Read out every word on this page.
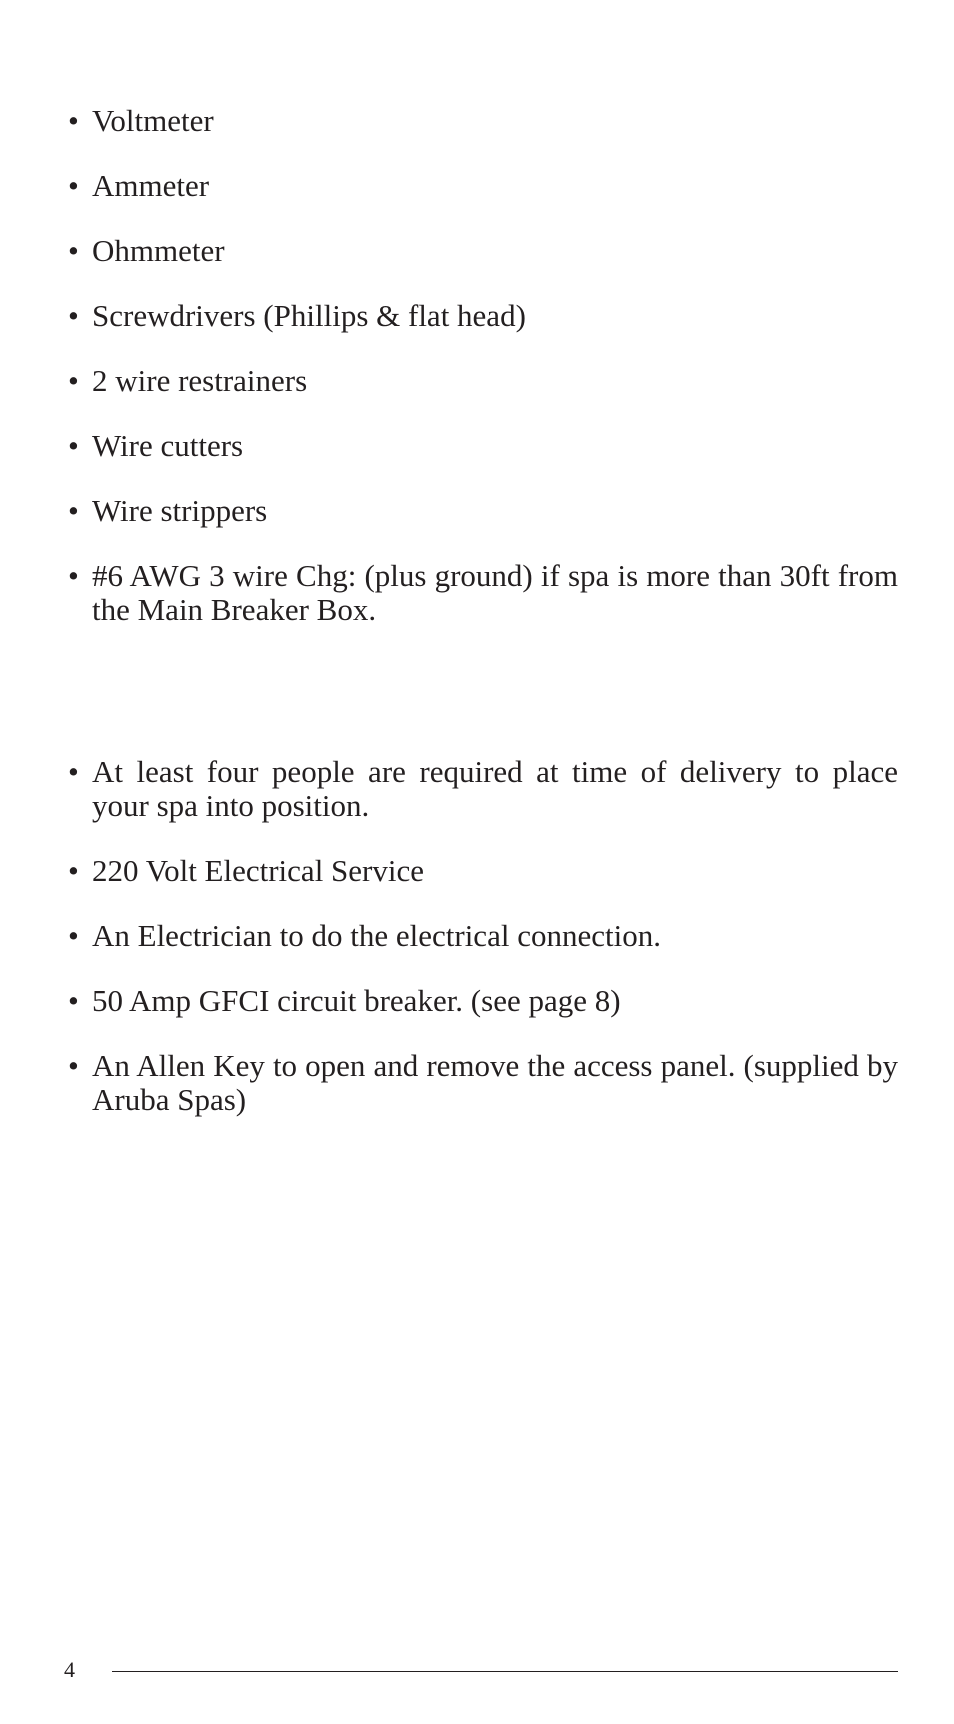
• Voltmeter
• Ammeter
• Ohmmeter
• Screwdrivers (Phillips & flat head)
• 2 wire restrainers
• Wire cutters
• Wire strippers
• #6 AWG 3 wire Chg: (plus ground) if spa is more than 30ft from the Main Breaker Box.
• At least four people are required at time of delivery to place your spa into position.
• 220 Volt Electrical Service
• An Electrician to do the electrical connection.
• 50 Amp GFCI circuit breaker. (see page 8)
• An Allen Key to open and remove the access panel. (supplied by Aruba Spas)
4
